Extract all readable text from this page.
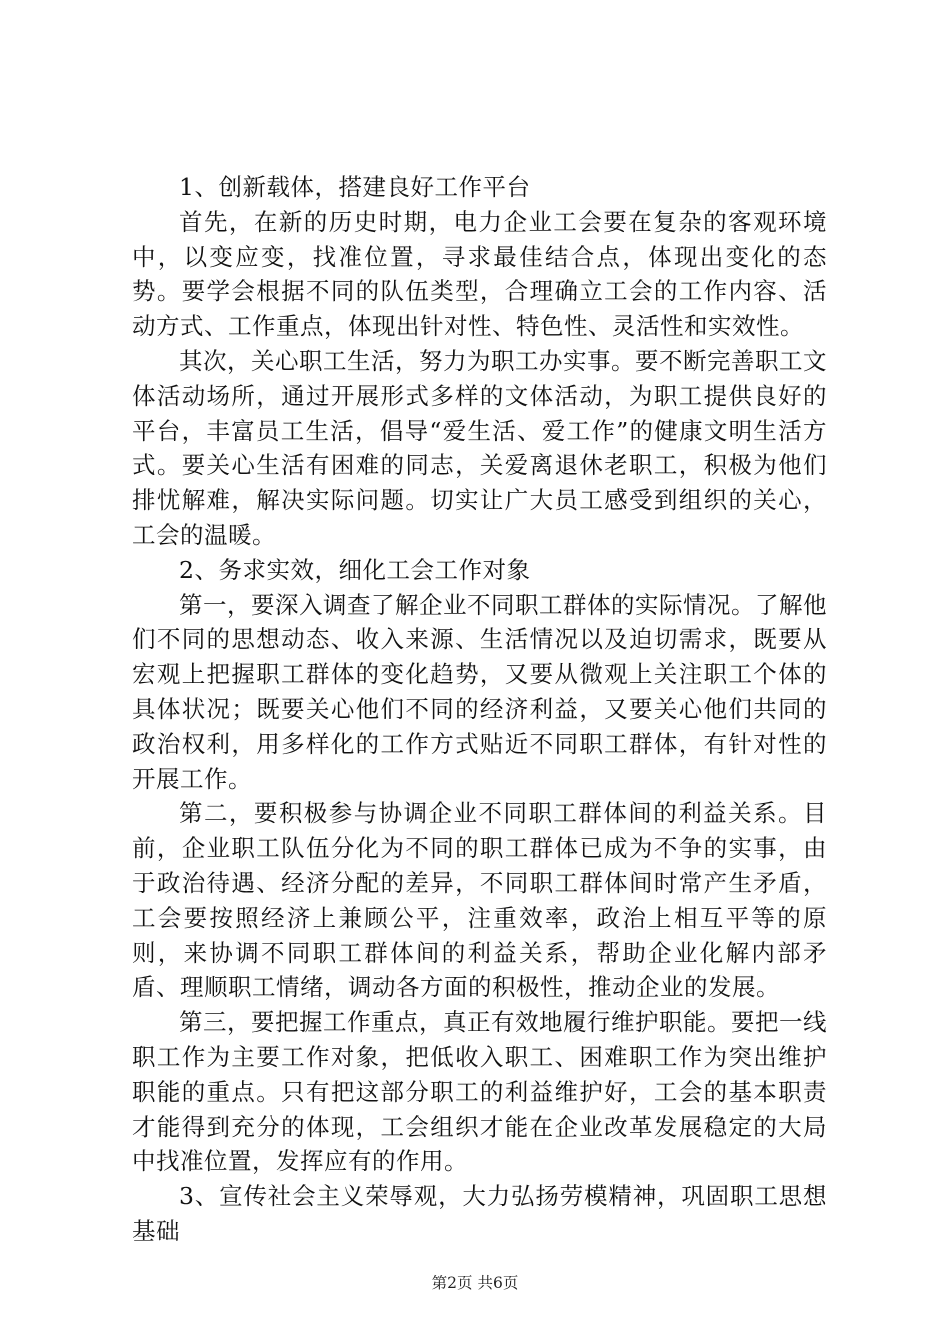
1、创新载体，搭建良好工作平台

首先，在新的历史时期，电力企业工会要在复杂的客观环境中，以变应变，找准位置，寻求最佳结合点，体现出变化的态势。要学会根据不同的队伍类型，合理确立工会的工作内容、活动方式、工作重点，体现出针对性、特色性、灵活性和实效性。

其次，关心职工生活，努力为职工办实事。要不断完善职工文体活动场所，通过开展形式多样的文体活动，为职工提供良好的平台，丰富员工生活，倡导“爱生活、爱工作”的健康文明生活方式。要关心生活有困难的同志，关爱离退休老职工，积极为他们排忧解难，解决实际问题。切实让广大员工感受到组织的关心，工会的温暖。

2、务求实效，细化工会工作对象

第一，要深入调查了解企业不同职工群体的实际情况。了解他们不同的思想动态、收入来源、生活情况以及迫切需求，既要从宏观上把握职工群体的变化趋势，又要从微观上关注职工个体的具体状况；既要关心他们不同的经济利益，又要关心他们共同的政治权利，用多样化的工作方式贴近不同职工群体，有针对性的开展工作。

第二，要积极参与协调企业不同职工群体间的利益关系。目前，企业职工队伍分化为不同的职工群体已成为不争的实事，由于政治待遇、经济分配的差异，不同职工群体间时常产生矛盾，工会要按照经济上兼顾公平，注重效率，政治上相互平等的原则，来协调不同职工群体间的利益关系，帮助企业化解内部矛盾、理顺职工情绪，调动各方面的积极性，推动企业的发展。

第三，要把握工作重点，真正有效地履行维护职能。要把一线职工作为主要工作对象，把低收入职工、困难职工作为突出维护职能的重点。只有把这部分职工的利益维护好，工会的基本职责才能得到充分的体现，工会组织才能在企业改革发展稳定的大局中找准位置，发挥应有的作用。

3、宣传社会主义荣辱观，大力弘扬劳模精神，巩固职工思想基础

第2页 共6页
